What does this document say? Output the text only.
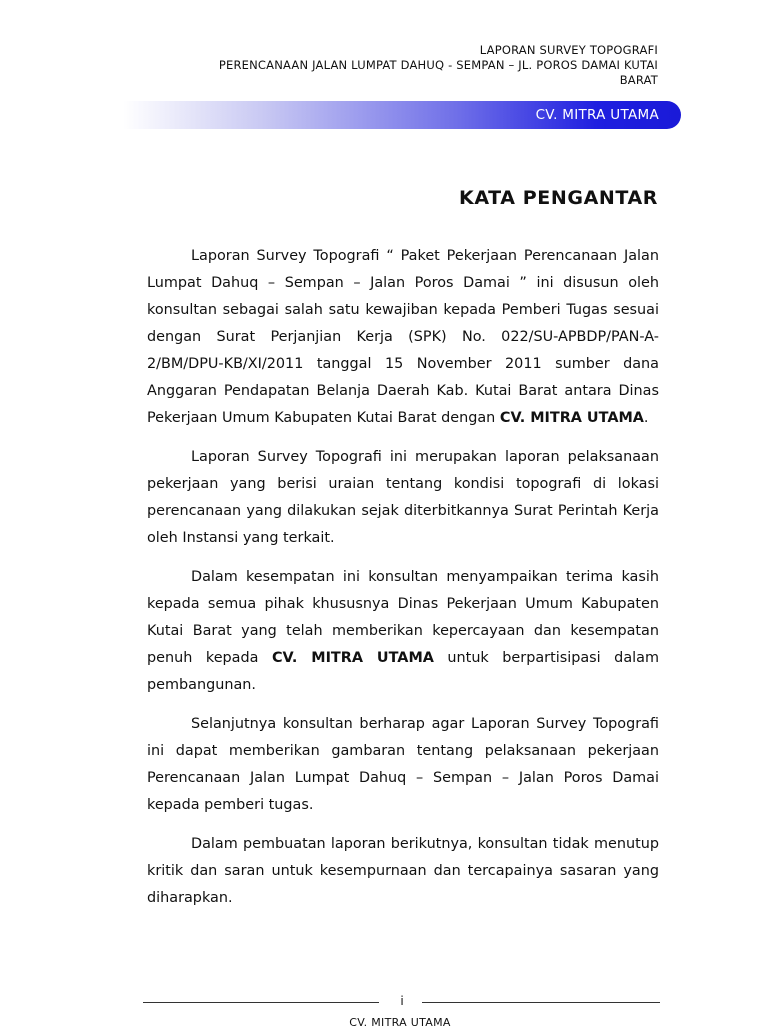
LAPORAN SURVEY TOPOGRAFI
PERENCANAAN JALAN LUMPAT DAHUQ - SEMPAN – JL. POROS DAMAI KUTAI
BARAT
CV. MITRA UTAMA
KATA PENGANTAR

Laporan Survey Topografi “ Paket Pekerjaan Perencanaan Jalan Lumpat Dahuq – Sempan – Jalan Poros Damai ” ini disusun oleh konsultan sebagai salah satu kewajiban kepada Pemberi Tugas sesuai dengan Surat Perjanjian Kerja (SPK) No. 022/SU-APBDP/PAN-A-2/BM/DPU-KB/XI/2011 tanggal 15 November 2011 sumber dana Anggaran Pendapatan Belanja Daerah Kab. Kutai Barat antara Dinas Pekerjaan Umum Kabupaten Kutai Barat dengan CV. MITRA UTAMA.

Laporan Survey Topografi ini merupakan laporan pelaksanaan pekerjaan yang berisi uraian tentang kondisi topografi di lokasi perencanaan yang dilakukan sejak diterbitkannya Surat Perintah Kerja oleh Instansi yang terkait.

Dalam kesempatan ini konsultan menyampaikan terima kasih kepada semua pihak khususnya Dinas Pekerjaan Umum Kabupaten Kutai Barat yang telah memberikan kepercayaan dan kesempatan penuh kepada CV. MITRA UTAMA untuk berpartisipasi dalam pembangunan.

Selanjutnya konsultan berharap agar Laporan Survey Topografi ini dapat memberikan gambaran tentang pelaksanaan pekerjaan Perencanaan Jalan Lumpat Dahuq – Sempan – Jalan Poros Damai kepada pemberi tugas.

Dalam pembuatan laporan berikutnya, konsultan tidak menutup kritik dan saran untuk kesempurnaan dan tercapainya sasaran yang diharapkan.

i
CV. MITRA UTAMA
